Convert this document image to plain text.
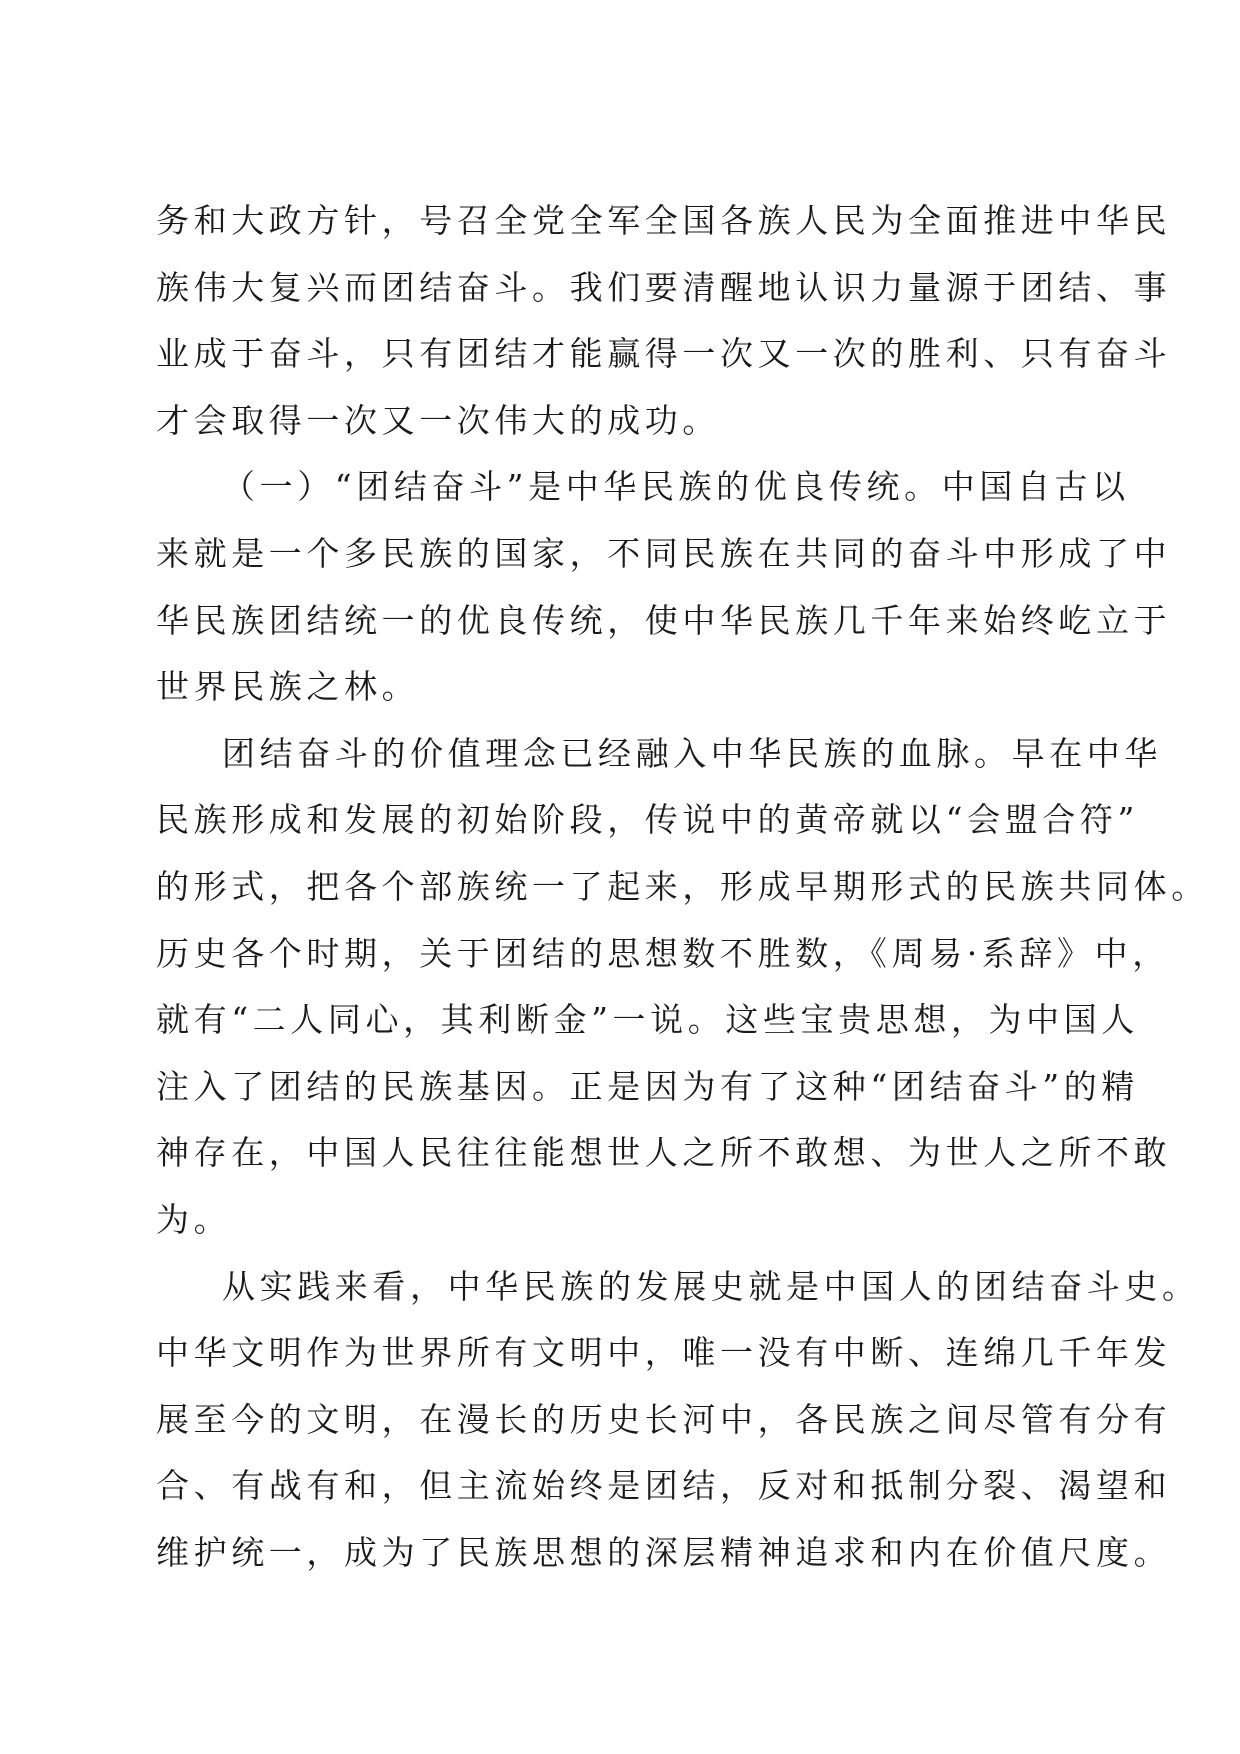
务和大政方针，号召全党全军全国各族人民为全面推进中华民
族伟大复兴而团结奋斗。我们要清醒地认识力量源于团结、事
业成于奋斗，只有团结才能赢得一次又一次的胜利、只有奋斗
才会取得一次又一次伟大的成功。
（一）“团结奋斗”是中华民族的优良传统。中国自古以
来就是一个多民族的国家，不同民族在共同的奋斗中形成了中
华民族团结统一的优良传统，使中华民族几千年来始终屹立于
世界民族之林。
团结奋斗的价值理念已经融入中华民族的血脉。早在中华
民族形成和发展的初始阶段，传说中的黄帝就以“会盟合符”
的形式，把各个部族统一了起来，形成早期形式的民族共同体。
历史各个时期，关于团结的思想数不胜数，《周易·系辞》中，
就有“二人同心，其利断金”一说。这些宝贵思想，为中国人
注入了团结的民族基因。正是因为有了这种“团结奋斗”的精
神存在，中国人民往往能想世人之所不敢想、为世人之所不敢
为。
从实践来看，中华民族的发展史就是中国人的团结奋斗史。
中华文明作为世界所有文明中，唯一没有中断、连绵几千年发
展至今的文明，在漫长的历史长河中，各民族之间尽管有分有
合、有战有和，但主流始终是团结，反对和抵制分裂、渴望和
维护统一，成为了民族思想的深层精神追求和内在价值尺度。
